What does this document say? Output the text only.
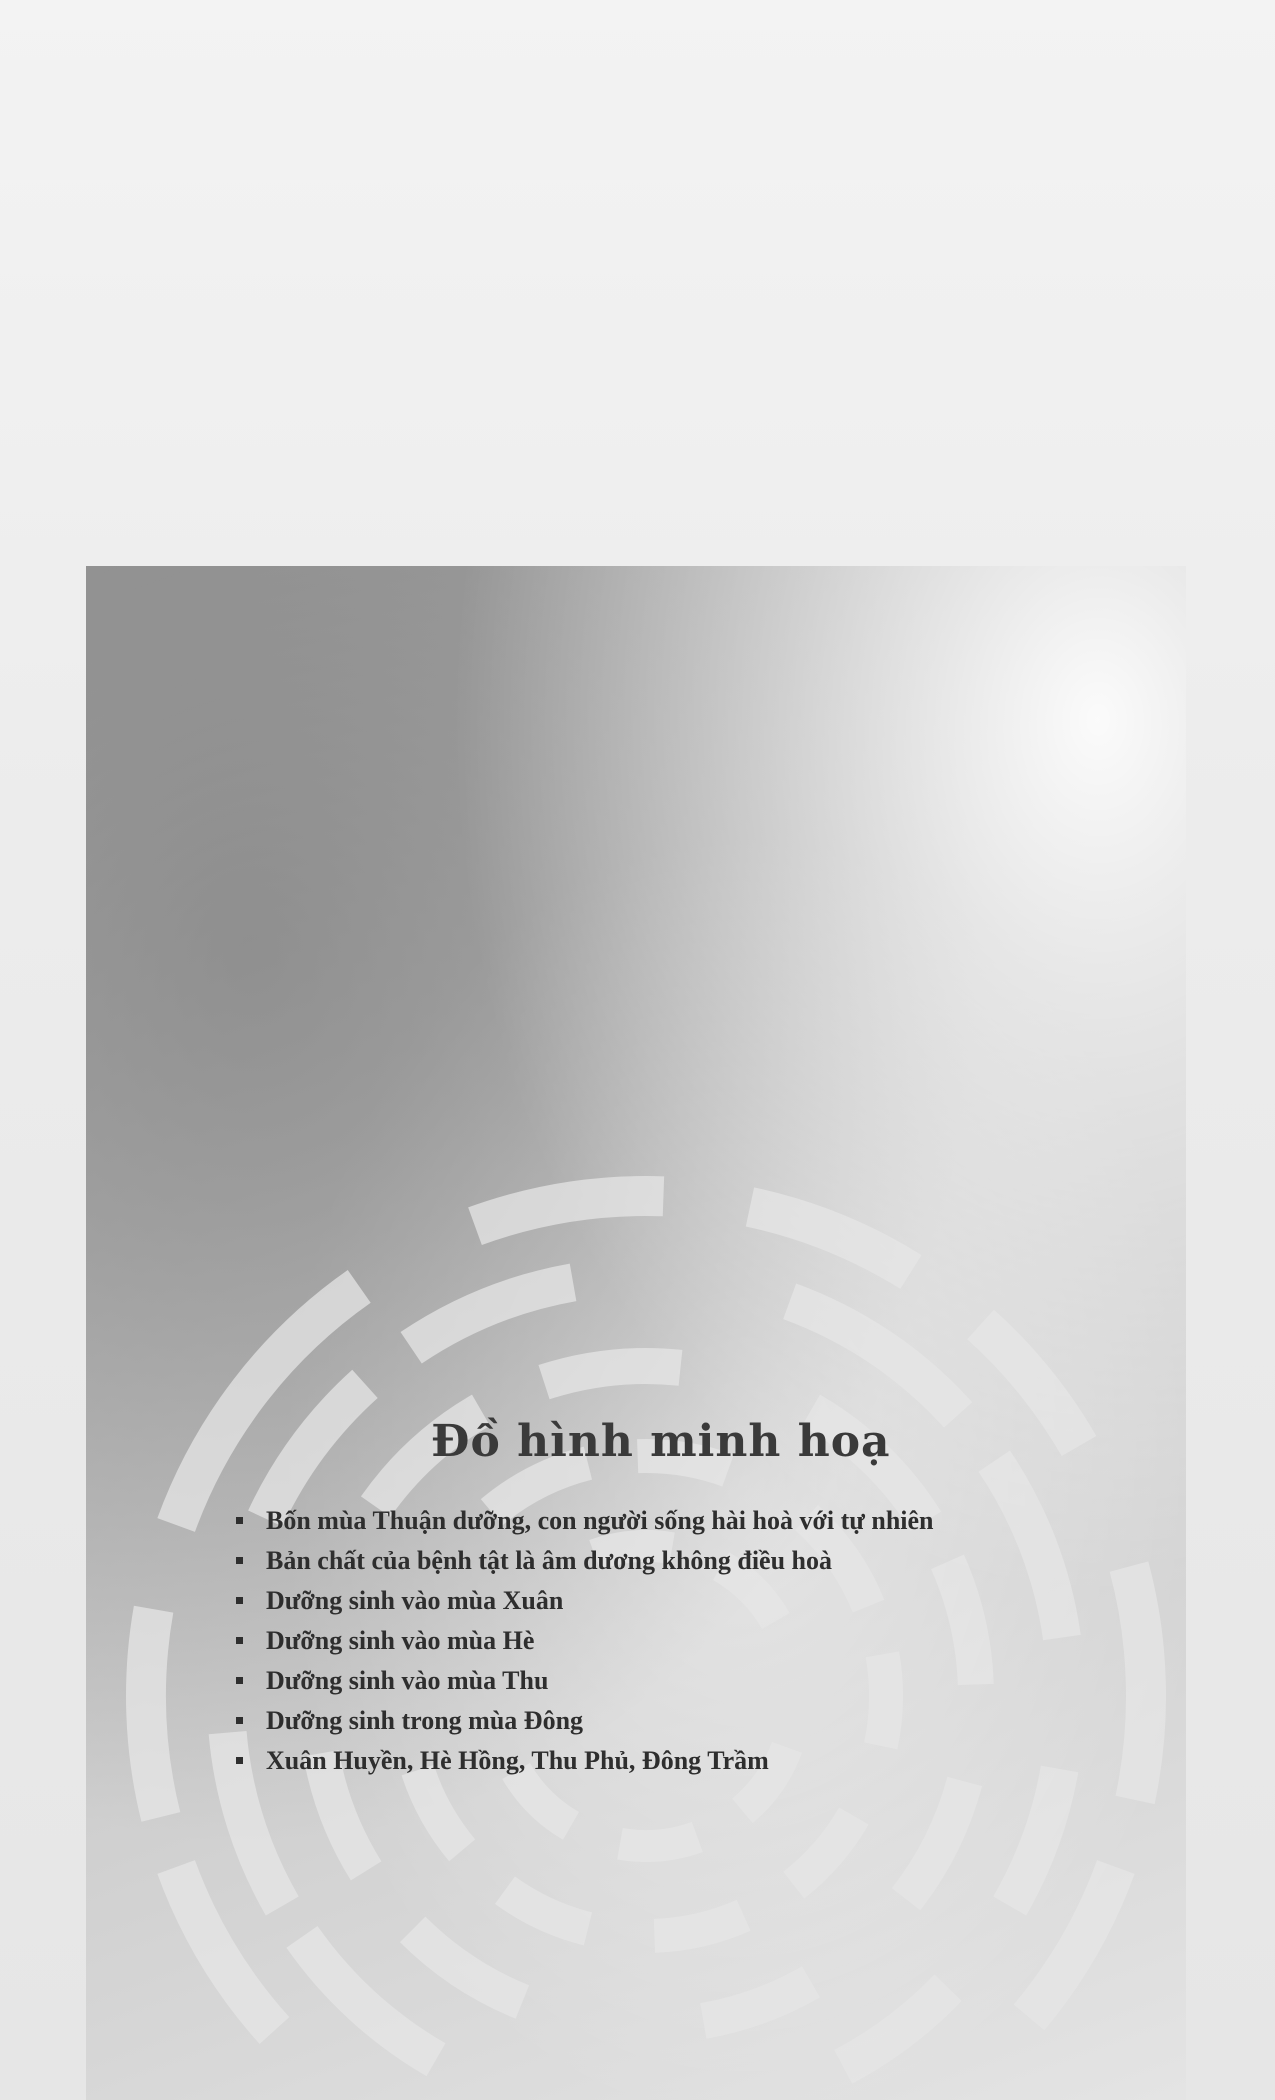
Đồ hình minh hoạ
Bốn mùa Thuận dưỡng, con người sống hài hoà với tự nhiên
Bản chất của bệnh tật là âm dương không điều hoà
Dưỡng sinh vào mùa Xuân
Dưỡng sinh vào mùa Hè
Dưỡng sinh vào mùa Thu
Dưỡng sinh trong mùa Đông
Xuân Huyền, Hè Hồng, Thu Phủ, Đông Trầm
